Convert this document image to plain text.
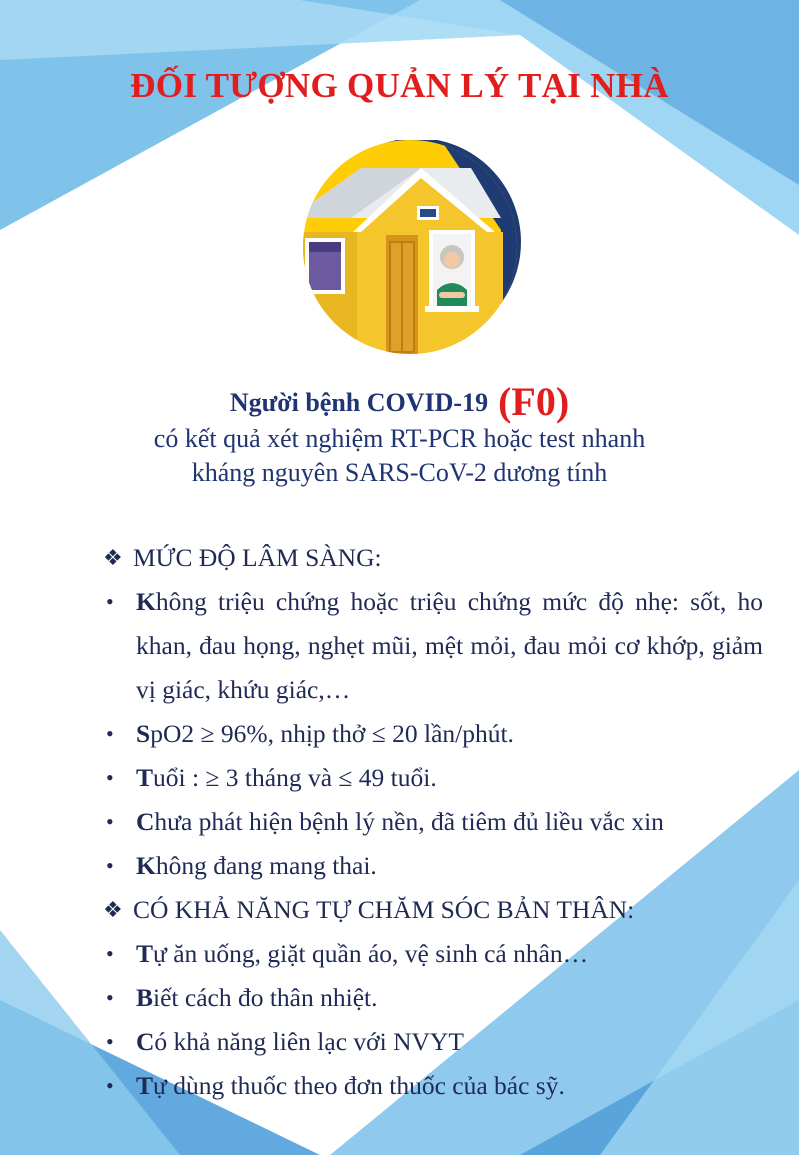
ĐỐI TƯỢNG QUẢN LÝ TẠI NHÀ
Người bệnh COVID-19 (F0)
có kết quả xét nghiệm RT-PCR hoặc test nhanh
kháng nguyên SARS-CoV-2 dương tính
❖ MỨC ĐỘ LÂM SÀNG:
• Không triệu chứng hoặc triệu chứng mức độ nhẹ: sốt, ho khan, đau họng, nghẹt mũi, mệt mỏi, đau mỏi cơ khớp, giảm vị giác, khứu giác,…
• SpO2 ≥ 96%, nhịp thở ≤ 20 lần/phút.
• Tuổi : ≥ 3 tháng và ≤ 49 tuổi.
• Chưa phát hiện bệnh lý nền, đã tiêm đủ liều vắc xin
• Không đang mang thai.
❖ CÓ KHẢ NĂNG TỰ CHĂM SÓC BẢN THÂN:
• Tự ăn uống, giặt quần áo, vệ sinh cá nhân…
• Biết cách đo thân nhiệt.
• Có khả năng liên lạc với NVYT
• Tự dùng thuốc theo đơn thuốc của bác sỹ.
